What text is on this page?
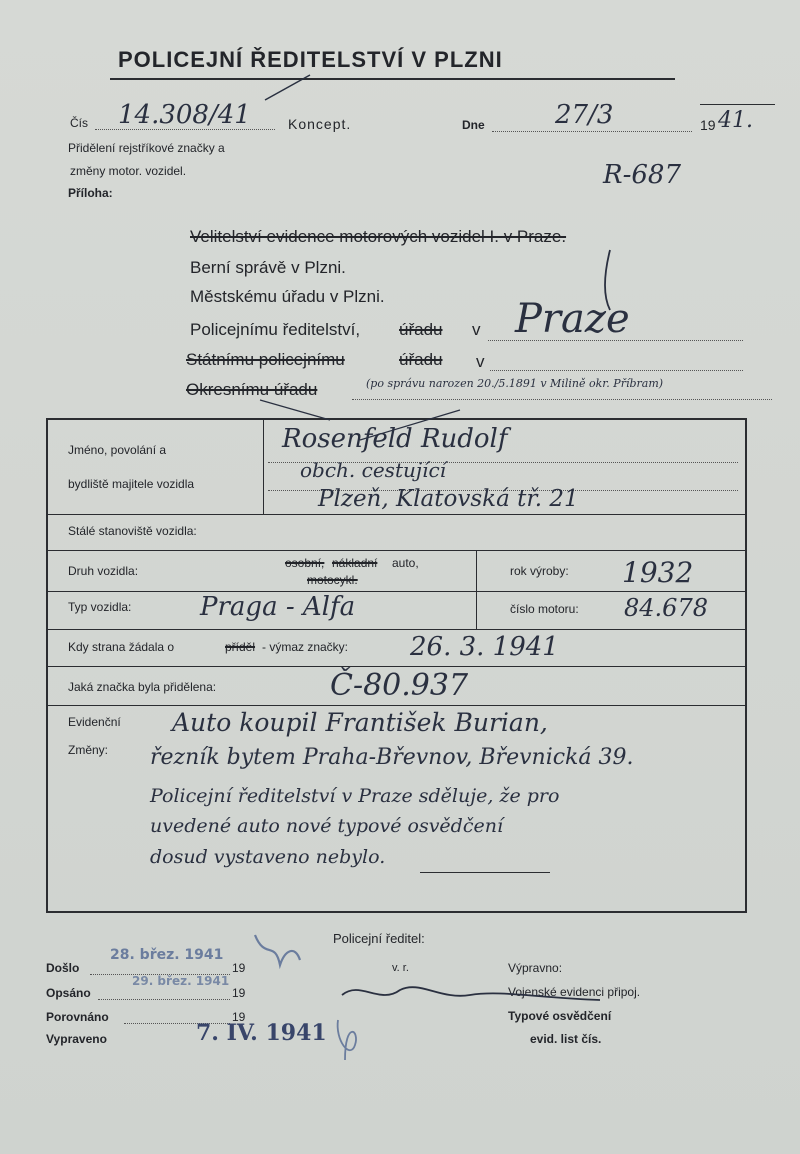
POLICEJNÍ ŘEDITELSTVÍ V PLZNI
Čís 14.308/41	Koncept.	Dne	27/3	19 41.
Přidělení rejstříkové značky a
změny motor. vozidel.
Příloha:
R-687
Velitelství evidence motorových vozidel I. v Praze.
Berní správě v Plzni.
Městskému úřadu v Plzni.
Policejnímu ředitelství, úřadu v Praze
Státnímu policejnímu	úřadu v
Okresnímu úřadu	(po správu narozen 20./5.1891 v Milině okr. Příbram)
Jméno, povolání a
bydliště majitele vozidla
Rosenfeld Rudolf
obch. cestující
Plzeň, Klatovská tř. 21
Stálé stanoviště vozidla:
Druh vozidla:
osobní, nákladní auto,
motocykl.
rok výroby: 1932
Typ vozidla:	Praga - Alfa	číslo motoru: 84.678
Kdy strana žádala o	příděl - výmaz značky: 26. 3. 1941
Jaká značka byla přidělena:	Č-80.937
Evidenční
Změny:
Auto koupil František Burian,
řezník bytem Praha-Břevnov, Břevnická 39.
Policejní ředitelství v Praze sděluje, že pro
uvedené auto nové typové osvědčení
dosud vystaveno nebylo.
Policejní ředitel:
v. r.
Došlo	19
28. břez. 1941
Opsáno	19
29. břez. 1941
Porovnáno	19
Vypraveno	7. IV. 1941
Výpravno:
Vojenské evidenci připoj.
Typové osvědčení
evid. list čís.
